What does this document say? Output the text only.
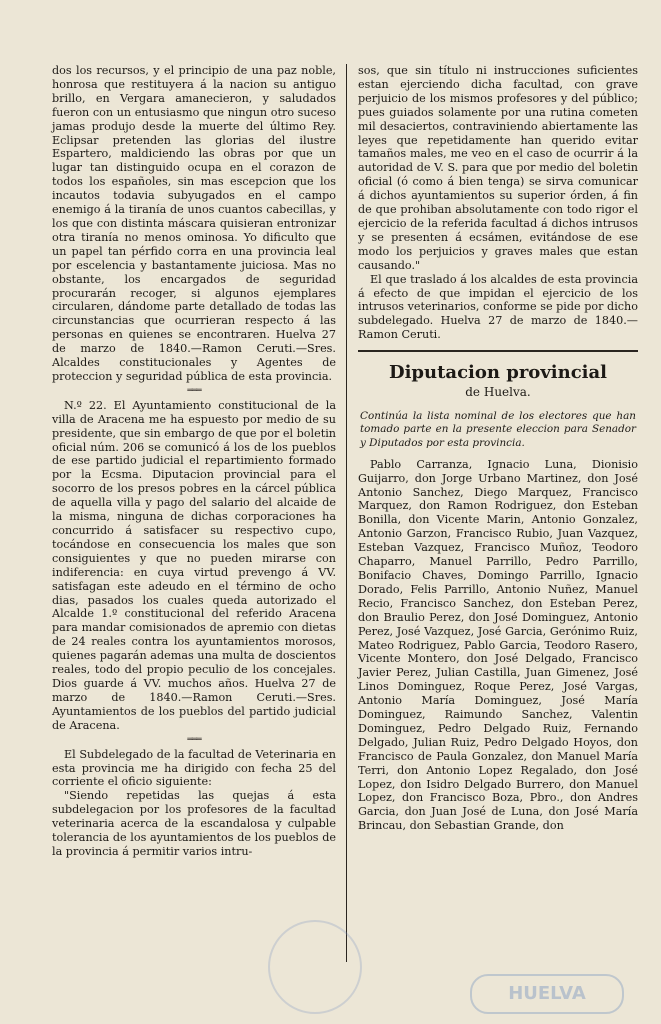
dos los recursos, y el principio de una paz noble, honrosa que restituyera á la nacion su antiguo brillo, en Vergara amanecieron, y saludados fueron con un entusiasmo que ningun otro suceso jamas produjo desde la muerte del último Rey. Eclipsar pretenden las glorias del ilustre Espartero, maldiciendo las obras por que un lugar tan distinguido ocupa en el corazon de todos los españoles, sin mas escepcion que los incautos todavia subyugados en el campo enemigo á la tiranía de unos cuantos cabecillas, y los que con distinta máscara quisieran entronizar otra tiranía no menos ominosa. Yo dificulto que un papel tan pérfido corra en una provincia leal por escelencia y bastantamente juiciosa. Mas no obstante, los encargados de seguridad procurarán recoger, si algunos ejemplares circularen, dándome parte detallado de todas las circunstancias que ocurrieran respecto á las personas en quienes se encontraren. Huelva 27 de marzo de 1840.—Ramon Ceruti.—Sres. Alcaldes constitucionales y Agentes de proteccion y seguridad pública de esta provincia.

═══

N.º 22. El Ayuntamiento constitucional de la villa de Aracena me ha espuesto por medio de su presidente, que sin embargo de que por el boletin oficial núm. 206 se comunicó á los de los pueblos de ese partido judicial el repartimiento formado por la Ecsma. Diputacion provincial para el socorro de los presos pobres en la cárcel pública de aquella villa y pago del salario del alcaide de la misma, ninguna de dichas corporaciones ha concurrido á satisfacer su respectivo cupo, tocándose en consecuencia los males que son consiguientes y que no pueden mirarse con indiferencia: en cuya virtud prevengo á VV. satisfagan este adeudo en el término de ocho dias, pasados los cuales queda autorizado el Alcalde 1.º constitucional del referido Aracena para mandar comisionados de apremio con dietas de 24 reales contra los ayuntamientos morosos, quienes pagarán ademas una multa de doscientos reales, todo del propio peculio de los concejales. Dios guarde á VV. muchos años. Huelva 27 de marzo de 1840.—Ramon Ceruti.—Sres. Ayuntamientos de los pueblos del partido judicial de Aracena.

═══

El Subdelegado de la facultad de Veterinaria en esta provincia me ha dirigido con fecha 25 del corriente el oficio siguiente:

"Siendo repetidas las quejas á esta subdelegacion por los profesores de la facultad veterinaria acerca de la escandalosa y culpable tolerancia de los ayuntamientos de los pueblos de la provincia á permitir varios intru-

sos, que sin título ni instrucciones suficientes estan ejerciendo dicha facultad, con grave perjuicio de los mismos profesores y del público; pues guiados solamente por una rutina cometen mil desaciertos, contraviniendo abiertamente las leyes que repetidamente han querido evitar tamaños males, me veo en el caso de ocurrir á la autoridad de V. S. para que por medio del boletin oficial (ó como á bien tenga) se sirva comunicar á dichos ayuntamientos su superior órden, á fin de que prohiban absolutamente con todo rigor el ejercicio de la referida facultad á dichos intrusos y se presenten á ecsámen, evitándose de ese modo los perjuicios y graves males que estan causando."

El que traslado á los alcaldes de esta provincia á efecto de que impidan el ejercicio de los intrusos veterinarios, conforme se pide por dicho subdelegado. Huelva 27 de marzo de 1840.—Ramon Ceruti.

Diputacion provincial
de Huelva.
Continúa la lista nominal de los electores que han tomado parte en la presente eleccion para Senador y Diputados por esta provincia.

Pablo Carranza, Ignacio Luna, Dionisio Guijarro, don Jorge Urbano Martinez, don José Antonio Sanchez, Diego Marquez, Francisco Marquez, don Ramon Rodriguez, don Esteban Bonilla, don Vicente Marin, Antonio Gonzalez, Antonio Garzon, Francisco Rubio, Juan Vazquez, Esteban Vazquez, Francisco Muñoz, Teodoro Chaparro, Manuel Parrillo, Pedro Parrillo, Bonifacio Chaves, Domingo Parrillo, Ignacio Dorado, Felis Parrillo, Antonio Nuñez, Manuel Recio, Francisco Sanchez, don Esteban Perez, don Braulio Perez, don José Dominguez, Antonio Perez, José Vazquez, José Garcia, Gerónimo Ruiz, Mateo Rodriguez, Pablo Garcia, Teodoro Rasero, Vicente Montero, don José Delgado, Francisco Javier Perez, Julian Castilla, Juan Gimenez, José Linos Dominguez, Roque Perez, José Vargas, Antonio María Dominguez, José María Dominguez, Raimundo Sanchez, Valentin Dominguez, Pedro Delgado Ruiz, Fernando Delgado, Julian Ruiz, Pedro Delgado Hoyos, don Francisco de Paula Gonzalez, don Manuel María Terri, don Antonio Lopez Regalado, don José Lopez, don Isidro Delgado Burrero, don Manuel Lopez, don Francisco Boza, Pbro., don Andres Garcia, don Juan José de Luna, don José María Brincau, don Sebastian Grande, don

HUELVA
